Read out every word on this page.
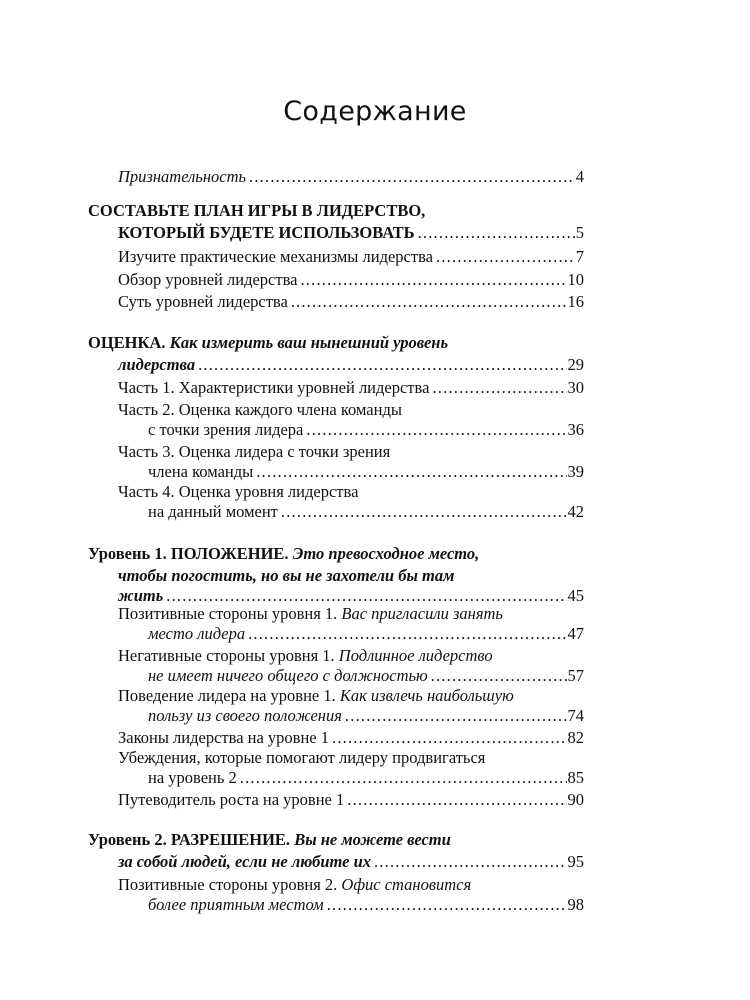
Содержание
Признательность .....	4
СОСТАВЬТЕ ПЛАН ИГРЫ В ЛИДЕРСТВО,
КОТОРЫЙ БУДЕТЕ ИСПОЛЬЗОВАТЬ .....	5
Изучите практические механизмы лидерства .....	7
Обзор уровней лидерства .....	10
Суть уровней лидерства .....	16
ОЦЕНКА. Как измерить ваш нынешний уровень
лидерства .....	29
Часть 1. Характеристики уровней лидерства .....	30
Часть 2. Оценка каждого члена команды
с точки зрения лидера .....	36
Часть 3. Оценка лидера с точки зрения
члена команды .....	39
Часть 4. Оценка уровня лидерства
на данный момент .....	42
Уровень 1. ПОЛОЖЕНИЕ. Это превосходное место,
чтобы погостить, но вы не захотели бы там
жить .....	45
Позитивные стороны уровня 1. Вас пригласили занять
место лидера .....	47
Негативные стороны уровня 1. Подлинное лидерство
не имеет ничего общего с должностью .....	57
Поведение лидера на уровне 1. Как извлечь наибольшую
пользу из своего положения .....	74
Законы лидерства на уровне 1 .....	82
Убеждения, которые помогают лидеру продвигаться
на уровень 2 .....	85
Путеводитель роста на уровне 1 .....	90
Уровень 2. РАЗРЕШЕНИЕ. Вы не можете вести
за собой людей, если не любите их .....	95
Позитивные стороны уровня 2. Офис становится
более приятным местом .....	98
